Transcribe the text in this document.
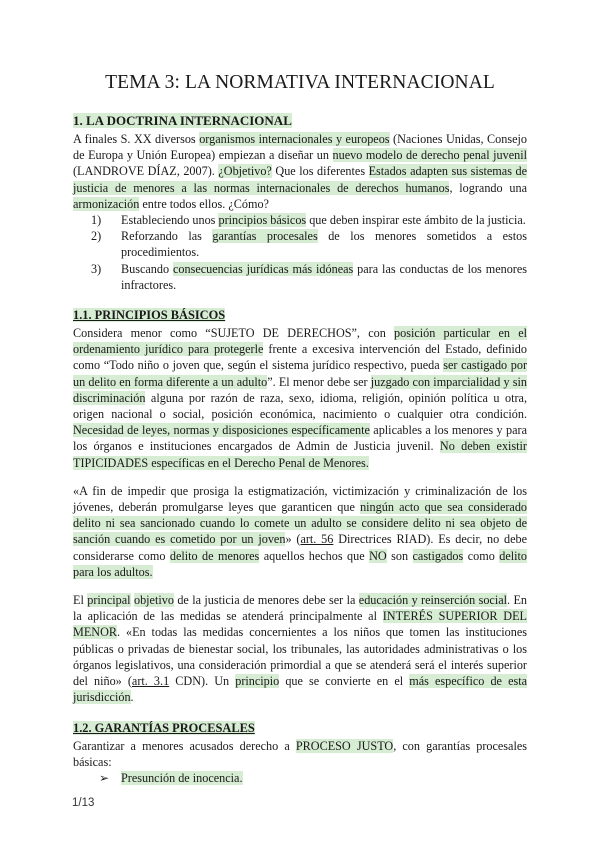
TEMA 3: LA NORMATIVA INTERNACIONAL
1. LA DOCTRINA INTERNACIONAL

A finales S. XX diversos organismos internacionales y europeos (Naciones Unidas, Consejo de Europa y Unión Europea) empiezan a diseñar un nuevo modelo de derecho penal juvenil (LANDROVE DÍAZ, 2007). ¿Objetivo? Que los diferentes Estados adapten sus sistemas de justicia de menores a las normas internacionales de derechos humanos, logrando una armonización entre todos ellos. ¿Cómo?

1)	Estableciendo unos principios básicos que deben inspirar este ámbito de la justicia.
2)	Reforzando las garantías procesales de los menores sometidos a estos procedimientos.
3)	Buscando consecuencias jurídicas más idóneas para las conductas de los menores infractores.
1.1. PRINCIPIOS BÁSICOS

Considera menor como “SUJETO DE DERECHOS”, con posición particular en el ordenamiento jurídico para protegerle frente a excesiva intervención del Estado, definido como “Todo niño o joven que, según el sistema jurídico respectivo, pueda ser castigado por un delito en forma diferente a un adulto”. El menor debe ser juzgado con imparcialidad y sin discriminación alguna por razón de raza, sexo, idioma, religión, opinión política u otra, origen nacional o social, posición económica, nacimiento o cualquier otra condición. Necesidad de leyes, normas y disposiciones específicamente aplicables a los menores y para los órganos e instituciones encargados de Admin de Justicia juvenil. No deben existir TIPICIDADES específicas en el Derecho Penal de Menores.

«A fin de impedir que prosiga la estigmatización, victimización y criminalización de los jóvenes, deberán promulgarse leyes que garanticen que ningún acto que sea considerado delito ni sea sancionado cuando lo comete un adulto se considere delito ni sea objeto de sanción cuando es cometido por un joven» (art. 56 Directrices RIAD). Es decir, no debe considerarse como delito de menores aquellos hechos que NO son castigados como delito para los adultos.

El principal objetivo de la justicia de menores debe ser la educación y reinserción social. En la aplicación de las medidas se atenderá principalmente al INTERÉS SUPERIOR DEL MENOR. «En todas las medidas concernientes a los niños que tomen las instituciones públicas o privadas de bienestar social, los tribunales, las autoridades administrativas o los órganos legislativos, una consideración primordial a que se atenderá será el interés superior del niño» (art. 3.1 CDN). Un principio que se convierte en el más específico de esta jurisdicción.

1.2. GARANTÍAS PROCESALES

Garantizar a menores acusados derecho a PROCESO JUSTO, con garantías procesales básicas:

➢ Presunción de inocencia.
1/13
